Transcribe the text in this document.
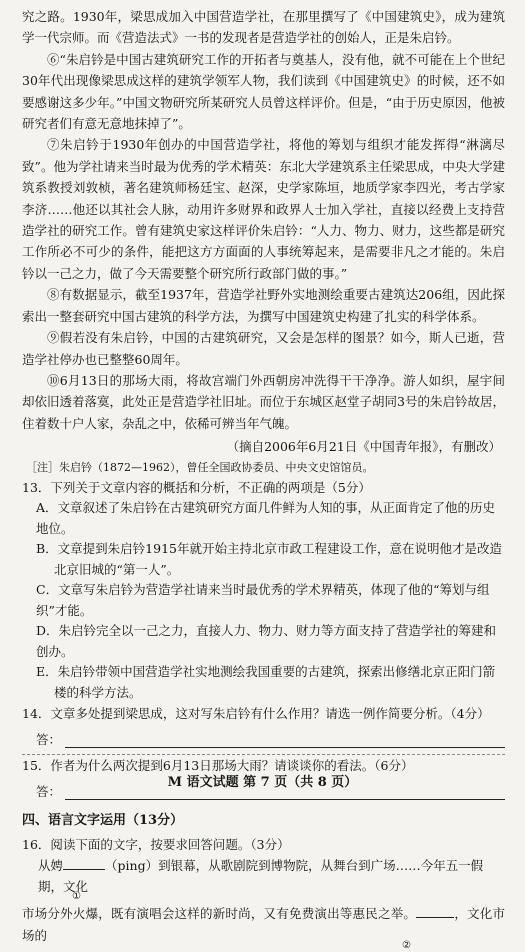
究之路。1930年，梁思成加入中国营造学社，在那里撰写了《中国建筑史》，成为建筑学一代宗师。而《营造法式》一书的发现者是营造学社的创始人，正是朱启钤。

⑥“朱启钤是中国古建筑研究工作的开拓者与奠基人，没有他，就不可能在上个世纪30年代出现像梁思成这样的建筑学领军人物，我们读到《中国建筑史》的时候，还不如要感谢这多少年。”中国文物研究所某研究人员曾这样评价。但是，“由于历史原因，他被研究者们有意无意地抹掉了”。

⑦朱启钤于1930年创办的中国营造学社，将他的筹划与组织才能发挥得“淋漓尽致”。他为学社请来当时最为优秀的学术精英：东北大学建筑系主任梁思成，中央大学建筑系教授刘敦桢，著名建筑师杨廷宝、赵深，史学家陈垣，地质学家李四光，考古学家李济……他还以其社会人脉，动用许多财界和政界人士加入学社，直接以经费上支持营造学社的研究工作。曾有建筑史家这样评价朱启钤：“人力、物力、财力，这些都是研究工作所必不可少的条件，能把这方方面面的人事统筹起来，是需要非凡之才能的。朱启钤以一己之力，做了今天需要整个研究所行政部门做的事。”

⑧有数据显示，截至1937年，营造学社野外实地测绘重要古建筑达206组，因此探索出一整套研究中国古建筑的科学方法，为撰写中国建筑史构建了扎实的科学体系。

⑨假若没有朱启钤，中国的古建筑研究，又会是怎样的图景？如今，斯人已逝，营造学社停办也已整整60周年。

⑩6月13日的那场大雨，将故宫端门外西朝房冲洗得干干净净。游人如织，屋宇间却依旧透着落寞，此处正是营造学社旧址。而位于东城区赵堂子胡同3号的朱启钤故居，住着数十户人家，杂乱之中，依稀可辨当年气魄。

（摘自2006年6月21日《中国青年报》，有删改）

［注］朱启钤（1872—1962），曾任全国政协委员、中央文史馆馆员。

13．下列关于文章内容的概括和分析，不正确的两项是（5分）

A．文章叙述了朱启钤在古建筑研究方面几件鲜为人知的事，从正面肯定了他的历史地位。

B．文章提到朱启钤1915年就开始主持北京市政工程建设工作，意在说明他才是改造北京旧城的“第一人”。

C．文章写朱启钤为营造学社请来当时最优秀的学术界精英，体现了他的“筹划与组织”才能。

D．朱启钤完全以一己之力，直接人力、物力、财力等方面支持了营造学社的筹建和创办。

E．朱启钤带领中国营造学社实地测绘我国重要的古建筑，探索出修缮北京正阳门箭楼的科学方法。

14．文章多处提到梁思成，这对写朱启钤有什么作用？请选一例作简要分析。（4分）

答：

15．作者为什么两次提到6月13日那场大雨？请谈谈你的看法。（6分）

答：

四、语言文字运用（13分）

16．阅读下面的文字，按要求回答问题。（3分）

从娉	（ping）到银幕，从歌剧院到博物院，从舞台到广场……今年五一假期，文化

①

市场分外火爆，既有演唱会这样的新时尚，又有免费演出等惠民之举。	，文化市场的

②
M 语文试题 第 7 页（共 8 页）
